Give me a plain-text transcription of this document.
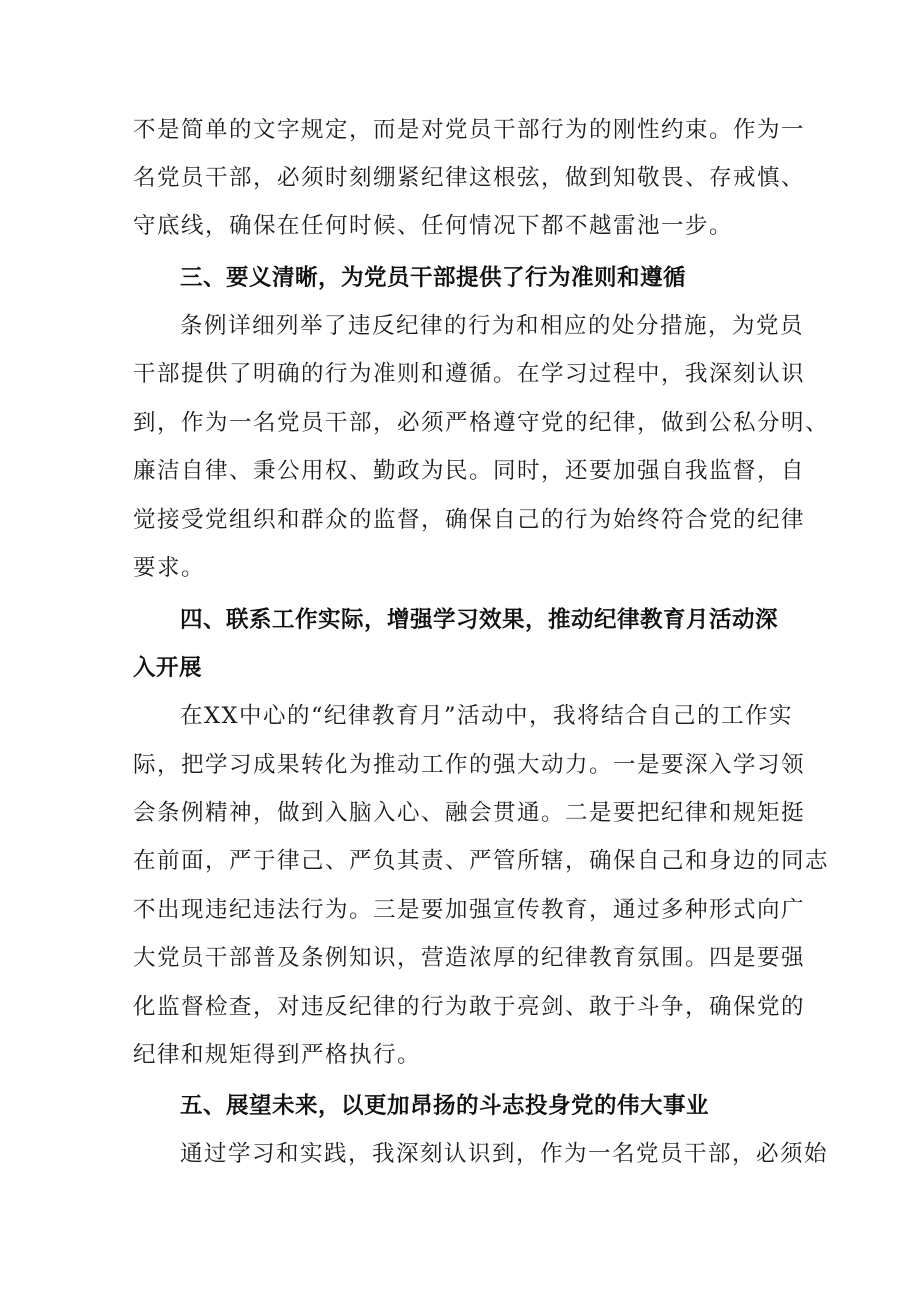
不是简单的文字规定，而是对党员干部行为的刚性约束。作为一

名党员干部，必须时刻绷紧纪律这根弦，做到知敬畏、存戒慎、

守底线，确保在任何时候、任何情况下都不越雷池一步。

三、要义清晰，为党员干部提供了行为准则和遵循

条例详细列举了违反纪律的行为和相应的处分措施，为党员

干部提供了明确的行为准则和遵循。在学习过程中，我深刻认识

到，作为一名党员干部，必须严格遵守党的纪律，做到公私分明、

廉洁自律、秉公用权、勤政为民。同时，还要加强自我监督，自

觉接受党组织和群众的监督，确保自己的行为始终符合党的纪律

要求。

四、联系工作实际，增强学习效果，推动纪律教育月活动深
入开展

在XX中心的“纪律教育月”活动中，我将结合自己的工作实

际，把学习成果转化为推动工作的强大动力。一是要深入学习领

会条例精神，做到入脑入心、融会贯通。二是要把纪律和规矩挺

在前面，严于律己、严负其责、严管所辖，确保自己和身边的同志

不出现违纪违法行为。三是要加强宣传教育，通过多种形式向广

大党员干部普及条例知识，营造浓厚的纪律教育氛围。四是要强

化监督检查，对违反纪律的行为敢于亮剑、敢于斗争，确保党的

纪律和规矩得到严格执行。

五、展望未来，以更加昂扬的斗志投身党的伟大事业

通过学习和实践，我深刻认识到，作为一名党员干部，必须始
